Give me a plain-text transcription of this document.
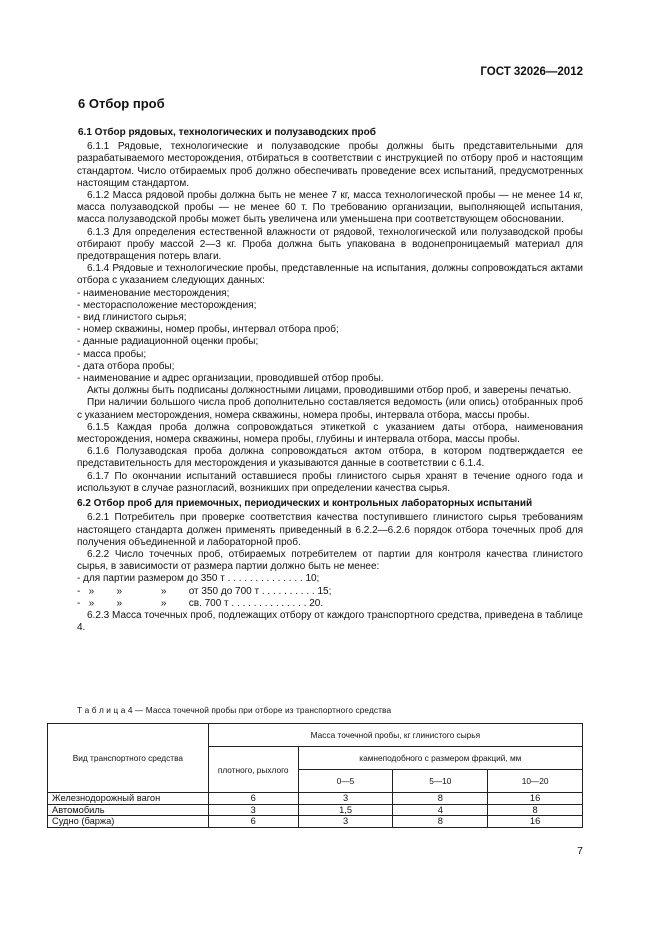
ГОСТ 32026—2012
6 Отбор проб
6.1 Отбор рядовых, технологических и полузаводских проб

6.1.1 Рядовые, технологические и полузаводские пробы должны быть представительными для разрабатываемого месторождения, отбираться в соответствии с инструкцией по отбору проб и настоящим стандартом. Число отбираемых проб должно обеспечивать проведение всех испытаний, предусмотренных настоящим стандартом.

6.1.2 Масса рядовой пробы должна быть не менее 7 кг, масса технологической пробы — не менее 14 кг, масса полузаводской пробы — не менее 60 т. По требованию организации, выполняющей испытания, масса полузаводской пробы может быть увеличена или уменьшена при соответствующем обосновании.

6.1.3 Для определения естественной влажности от рядовой, технологической или полузаводской пробы отбирают пробу массой 2—3 кг. Проба должна быть упакована в водонепроницаемый материал для предотвращения потерь влаги.

6.1.4 Рядовые и технологические пробы, представленные на испытания, должны сопровождаться актами отбора с указанием следующих данных:

- наименование месторождения;
- месторасположение месторождения;
- вид глинистого сырья;
- номер скважины, номер пробы, интервал отбора проб;
- данные радиационной оценки пробы;
- масса пробы;
- дата отбора пробы;
- наименование и адрес организации, проводившей отбор пробы.

Акты должны быть подписаны должностными лицами, проводившими отбор проб, и заверены печатью.

При наличии большого числа проб дополнительно составляется ведомость (или опись) отобранных проб с указанием месторождения, номера скважины, номера пробы, интервала отбора, массы пробы.

6.1.5 Каждая проба должна сопровождаться этикеткой с указанием даты отбора, наименования месторождения, номера скважины, номера пробы, глубины и интервала отбора, массы пробы.

6.1.6 Полузаводская проба должна сопровождаться актом отбора, в котором подтверждается ее представительность для месторождения и указываются данные в соответствии с 6.1.4.

6.1.7 По окончании испытаний оставшиеся пробы глинистого сырья хранят в течение одного года и используют в случае разногласий, возникших при определении качества сырья.

6.2 Отбор проб для приемочных, периодических и контрольных лабораторных испытаний

6.2.1 Потребитель при проверке соответствия качества поступившего глинистого сырья требованиям настоящего стандарта должен применять приведенный в 6.2.2—6.2.6 порядок отбора точечных проб для получения объединенной и лабораторной проб.

6.2.2 Число точечных проб, отбираемых потребителем от партии для контроля качества глинистого сырья, в зависимости от размера партии должно быть не менее:

- для партии размером до 350 т . . . . . . . . . . . . . . 10;
-   »        »              »        от 350 до 700 т . . . . . . . . . . 15;
-   »        »              »        св. 700 т . . . . . . . . . . . . . . 20.

6.2.3 Масса точечных проб, подлежащих отбору от каждого транспортного средства, приведена в таблице 4.

Т а б л и ц а 4 — Масса точечной пробы при отборе из транспортного средства
Вид транспортного средства	Масса точечной пробы, кг глинистого сырья			
	плотного, рыхлого	камнеподобного с размером фракций, мм		
		0—5	5—10	10—20
Железнодорожный вагон	6	3	8	16
Автомобиль	3	1,5	4	8
Судно (баржа)	6	3	8	16
7
